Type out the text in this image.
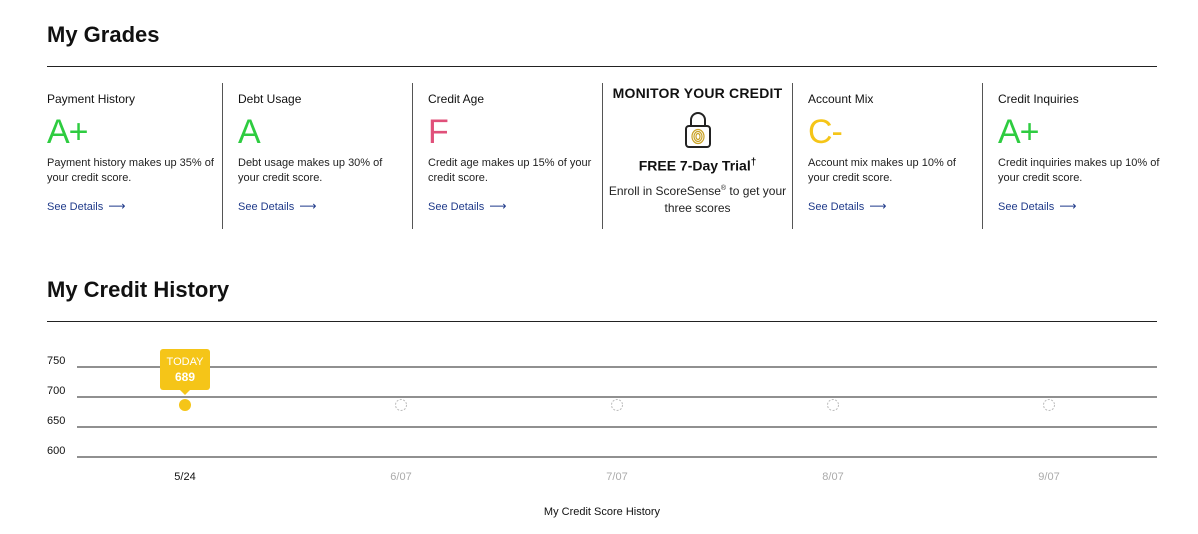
My Grades
Payment History
A+
Payment history makes up 35% of your credit score.
See Details ⟶
Debt Usage
A
Debt usage makes up 30% of your credit score.
See Details ⟶
Credit Age
F
Credit age makes up 15% of your credit score.
See Details ⟶
MONITOR YOUR CREDIT
FREE 7-Day Trial†
Enroll in ScoreSense® to get your three scores
Account Mix
C-
Account mix makes up 10% of your credit score.
See Details ⟶
Credit Inquiries
A+
Credit inquiries makes up 10% of your credit score.
See Details ⟶
My Credit History
750
700
650
600
5/24	6/07	7/07	8/07	9/07
TODAY
689
My Credit Score History
